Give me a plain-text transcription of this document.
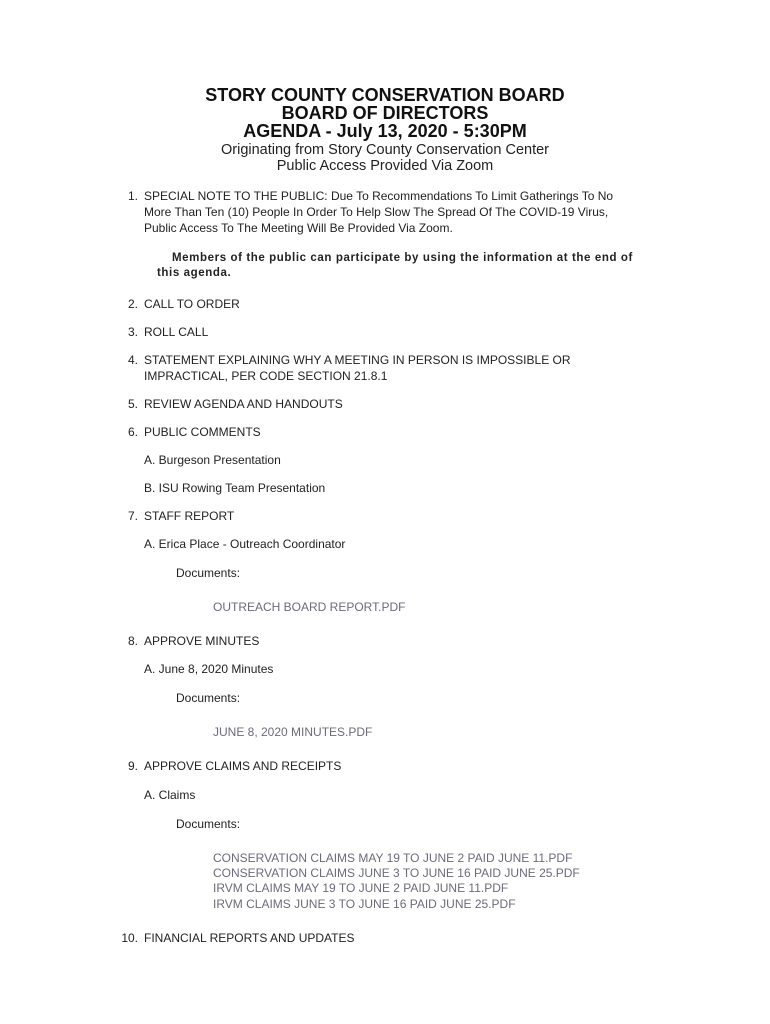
STORY COUNTY CONSERVATION BOARD
BOARD OF DIRECTORS
AGENDA - July 13, 2020 - 5:30PM
Originating from Story County Conservation Center
Public Access Provided Via Zoom
1. SPECIAL NOTE TO THE PUBLIC: Due To Recommendations To Limit Gatherings To No
More Than Ten (10) People In Order To Help Slow The Spread Of The COVID-19 Virus,
Public Access To The Meeting Will Be Provided Via Zoom.
Members of the public can participate by using the information at the end of
this agenda.
2. CALL TO ORDER
3. ROLL CALL
4. STATEMENT EXPLAINING WHY A MEETING IN PERSON IS IMPOSSIBLE OR
IMPRACTICAL, PER CODE SECTION 21.8.1
5. REVIEW AGENDA AND HANDOUTS
6. PUBLIC COMMENTS
A. Burgeson Presentation
B. ISU Rowing Team Presentation
7. STAFF REPORT
A. Erica Place - Outreach Coordinator
Documents:
OUTREACH BOARD REPORT.PDF
8. APPROVE MINUTES
A. June 8, 2020 Minutes
Documents:
JUNE 8, 2020 MINUTES.PDF
9. APPROVE CLAIMS AND RECEIPTS
A. Claims
Documents:
CONSERVATION CLAIMS MAY 19 TO JUNE 2 PAID JUNE 11.PDF
CONSERVATION CLAIMS JUNE 3 TO JUNE 16 PAID JUNE 25.PDF
IRVM CLAIMS MAY 19 TO JUNE 2 PAID JUNE 11.PDF
IRVM CLAIMS JUNE 3 TO JUNE 16 PAID JUNE 25.PDF
10. FINANCIAL REPORTS AND UPDATES
